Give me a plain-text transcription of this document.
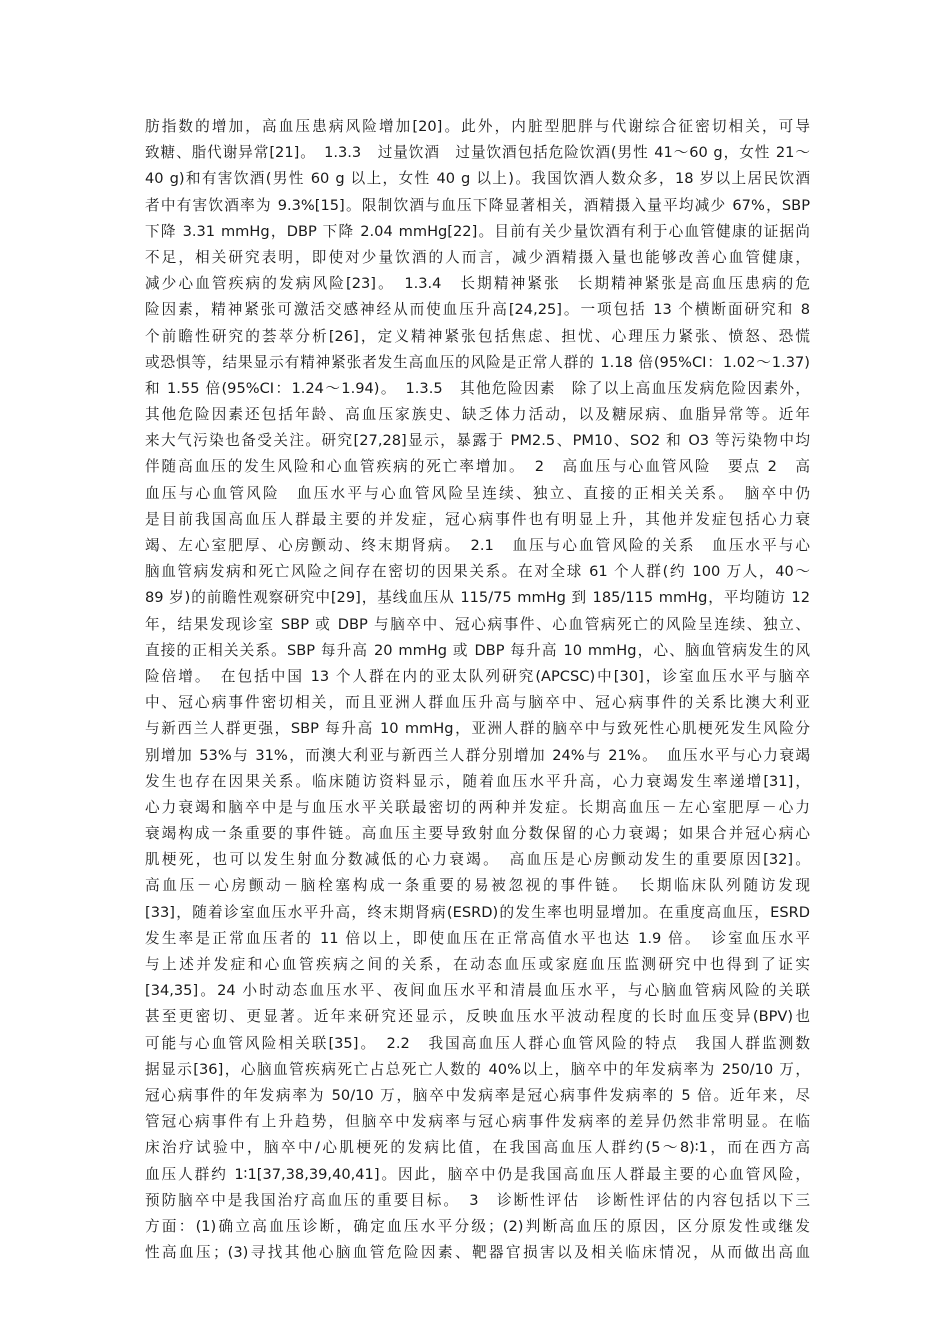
肪指数的增加，高血压患病风险增加[20]。此外，内脏型肥胖与代谢综合征密切相关，可导
致糖、脂代谢异常[21]。　1.3.3　过量饮酒　过量饮酒包括危险饮酒(男性 41～60 g，女性 21～
40 g)和有害饮酒(男性 60 g 以上，女性 40 g 以上)。我国饮酒人数众多，18 岁以上居民饮酒
者中有害饮酒率为 9.3%[15]。限制饮酒与血压下降显著相关，酒精摄入量平均减少 67%，SBP
下降 3.31 mmHg，DBP 下降 2.04 mmHg[22]。目前有关少量饮酒有利于心血管健康的证据尚
不足，相关研究表明，即使对少量饮酒的人而言，减少酒精摄入量也能够改善心血管健康，
减少心血管疾病的发病风险[23]。　1.3.4　长期精神紧张　长期精神紧张是高血压患病的危
险因素，精神紧张可激活交感神经从而使血压升高[24,25]。一项包括 13 个横断面研究和 8
个前瞻性研究的荟萃分析[26]，定义精神紧张包括焦虑、担忧、心理压力紧张、愤怒、恐慌
或恐惧等，结果显示有精神紧张者发生高血压的风险是正常人群的 1.18 倍(95%CI：1.02～1.37)
和 1.55 倍(95%CI：1.24～1.94)。　1.3.5　其他危险因素　除了以上高血压发病危险因素外，
其他危险因素还包括年龄、高血压家族史、缺乏体力活动，以及糖尿病、血脂异常等。近年
来大气污染也备受关注。研究[27,28]显示，暴露于 PM2.5、PM10、SO2 和 O3 等污染物中均
伴随高血压的发生风险和心血管疾病的死亡率增加。　2　高血压与心血管风险　要点 2　高
血压与心血管风险　血压水平与心血管风险呈连续、独立、直接的正相关关系。　脑卒中仍
是目前我国高血压人群最主要的并发症，冠心病事件也有明显上升，其他并发症包括心力衰
竭、左心室肥厚、心房颤动、终末期肾病。　2.1　血压与心血管风险的关系　血压水平与心
脑血管病发病和死亡风险之间存在密切的因果关系。在对全球 61 个人群(约 100 万人，40～
89 岁)的前瞻性观察研究中[29]，基线血压从 115/75 mmHg 到 185/115 mmHg，平均随访 12
年，结果发现诊室 SBP 或 DBP 与脑卒中、冠心病事件、心血管病死亡的风险呈连续、独立、
直接的正相关关系。SBP 每升高 20 mmHg 或 DBP 每升高 10 mmHg，心、脑血管病发生的风
险倍增。　在包括中国 13 个人群在内的亚太队列研究(APCSC)中[30]，诊室血压水平与脑卒
中、冠心病事件密切相关，而且亚洲人群血压升高与脑卒中、冠心病事件的关系比澳大利亚
与新西兰人群更强，SBP 每升高 10 mmHg，亚洲人群的脑卒中与致死性心肌梗死发生风险分
别增加 53%与 31%，而澳大利亚与新西兰人群分别增加 24%与 21%。　血压水平与心力衰竭
发生也存在因果关系。临床随访资料显示，随着血压水平升高，心力衰竭发生率递增[31]，
心力衰竭和脑卒中是与血压水平关联最密切的两种并发症。长期高血压－左心室肥厚－心力
衰竭构成一条重要的事件链。高血压主要导致射血分数保留的心力衰竭；如果合并冠心病心
肌梗死，也可以发生射血分数减低的心力衰竭。　高血压是心房颤动发生的重要原因[32]。
高血压－心房颤动－脑栓塞构成一条重要的易被忽视的事件链。　长期临床队列随访发现
[33]，随着诊室血压水平升高，终末期肾病(ESRD)的发生率也明显增加。在重度高血压，ESRD
发生率是正常血压者的 11 倍以上，即使血压在正常高值水平也达 1.9 倍。　诊室血压水平
与上述并发症和心血管疾病之间的关系，在动态血压或家庭血压监测研究中也得到了证实
[34,35]。24 小时动态血压水平、夜间血压水平和清晨血压水平，与心脑血管病风险的关联
甚至更密切、更显著。近年来研究还显示，反映血压水平波动程度的长时血压变异(BPV)也
可能与心血管风险相关联[35]。　2.2　我国高血压人群心血管风险的特点　我国人群监测数
据显示[36]，心脑血管疾病死亡占总死亡人数的 40%以上，脑卒中的年发病率为 250/10 万，
冠心病事件的年发病率为 50/10 万，脑卒中发病率是冠心病事件发病率的 5 倍。近年来，尽
管冠心病事件有上升趋势，但脑卒中发病率与冠心病事件发病率的差异仍然非常明显。在临
床治疗试验中，脑卒中/心肌梗死的发病比值，在我国高血压人群约(5～8)∶1，而在西方高
血压人群约 1∶1[37,38,39,40,41]。因此，脑卒中仍是我国高血压人群最主要的心血管风险，
预防脑卒中是我国治疗高血压的重要目标。　3　诊断性评估　诊断性评估的内容包括以下三
方面：(1)确立高血压诊断，确定血压水平分级；(2)判断高血压的原因，区分原发性或继发
性高血压；(3)寻找其他心脑血管危险因素、靶器官损害以及相关临床情况，从而做出高血
